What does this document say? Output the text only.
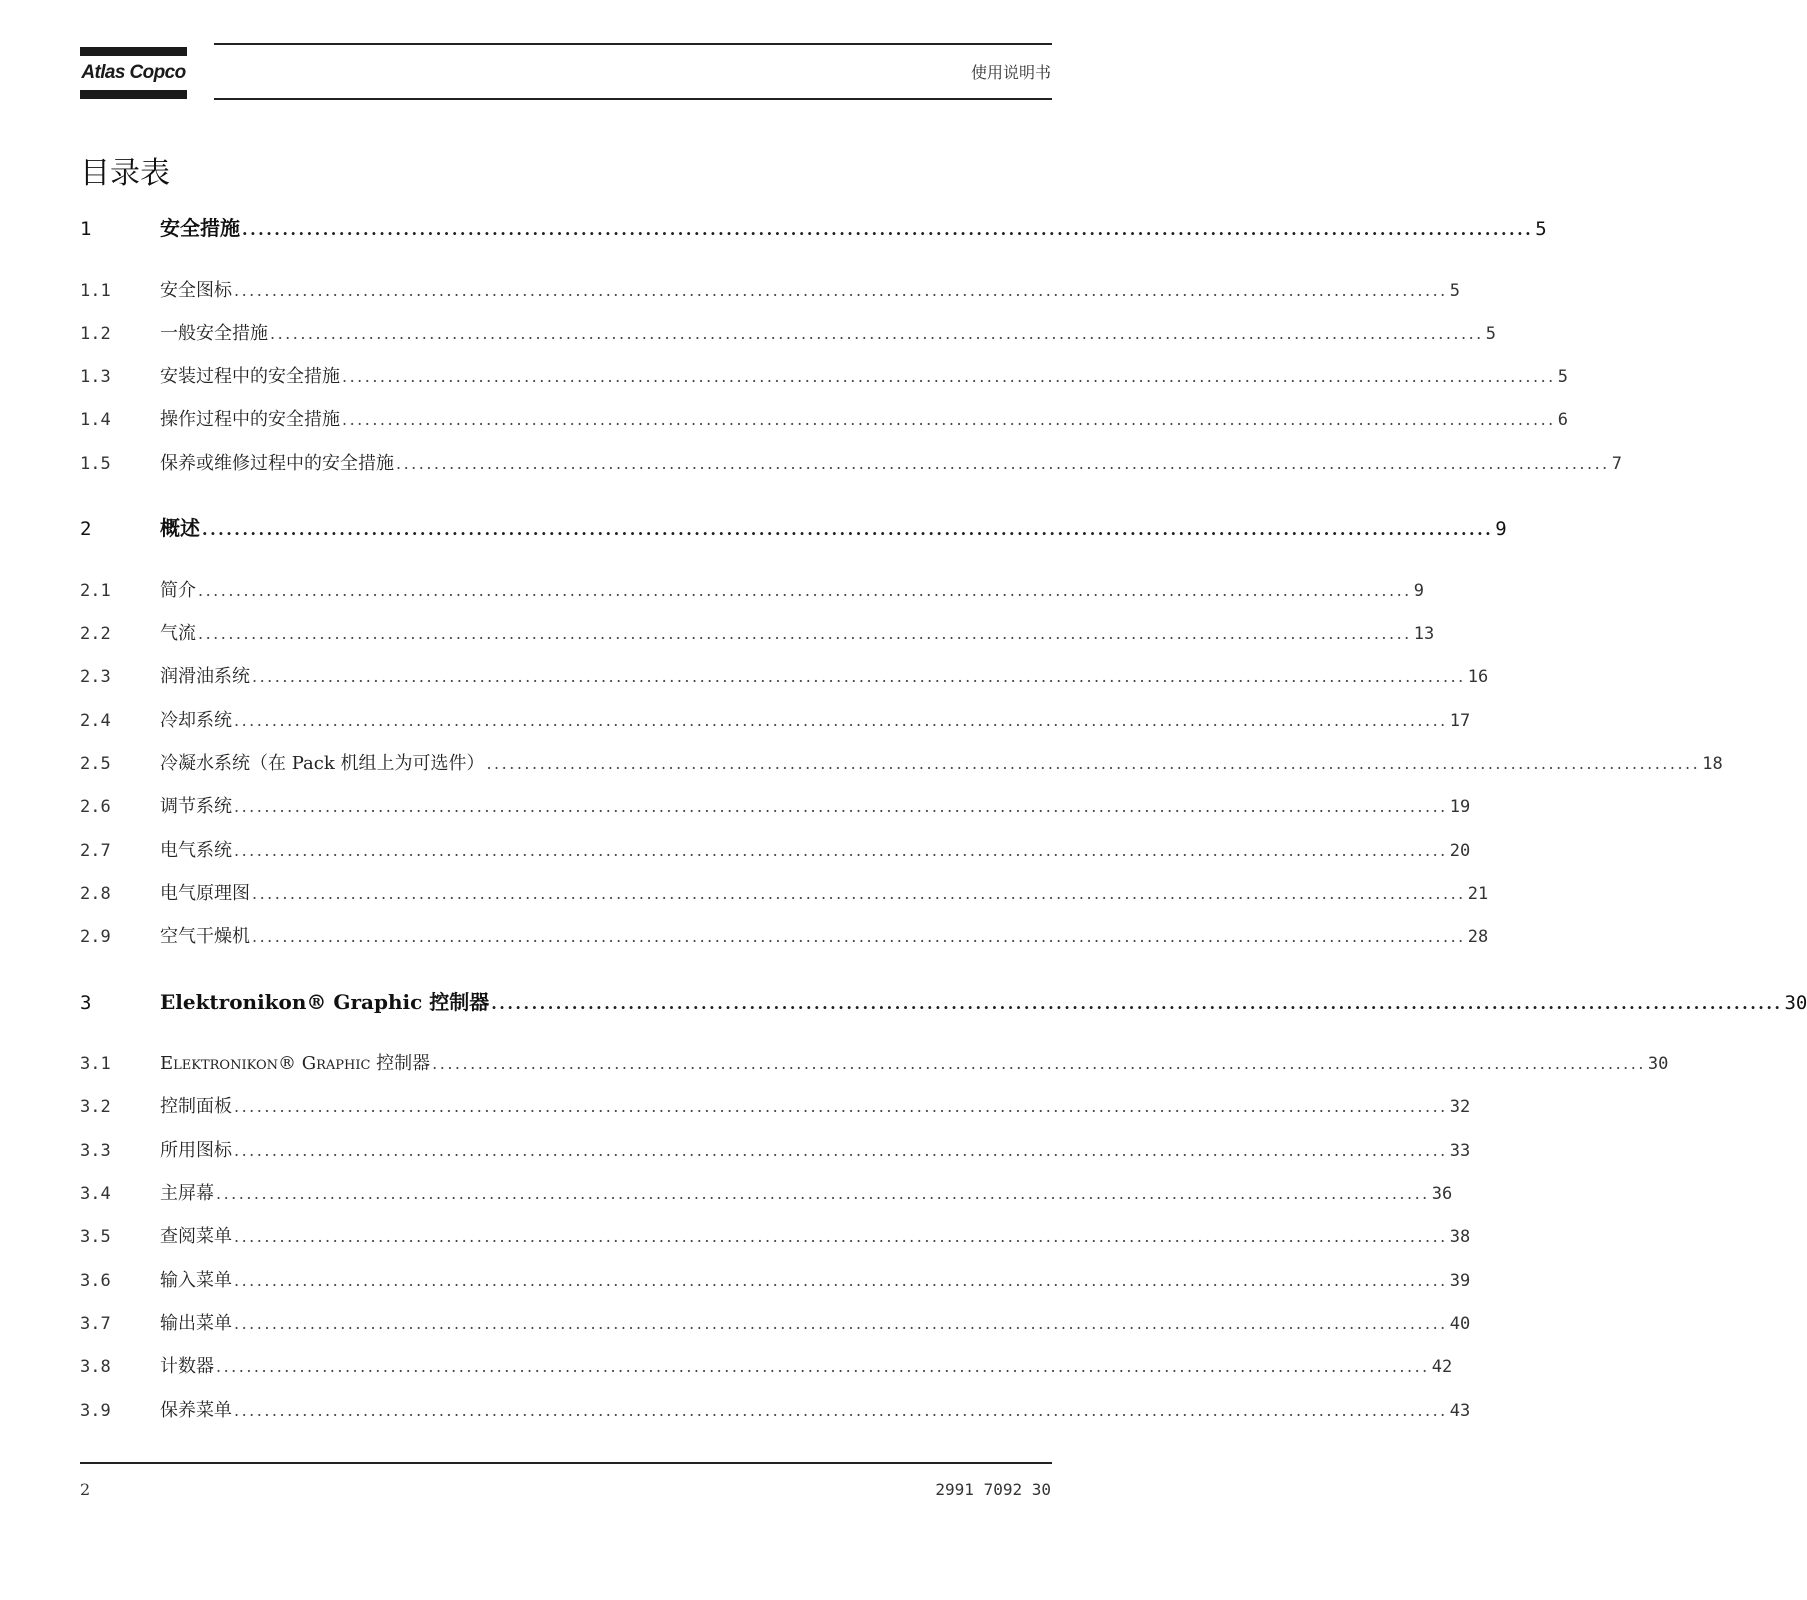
Atlas Copco	使用说明书
目录表
1	安全措施 ................................................................................................................................................................ 5
1.1	安全图标 ................................................................................................................................................................ 5
1.2	一般安全措施 ................................................................................................................................................................ 5
1.3	安装过程中的安全措施 ................................................................................................................................................................ 5
1.4	操作过程中的安全措施 ................................................................................................................................................................ 6
1.5	保养或维修过程中的安全措施 ................................................................................................................................................................ 7
2	概述 ................................................................................................................................................................ 9
2.1	简介 ................................................................................................................................................................ 9
2.2	气流 ................................................................................................................................................................ 13
2.3	润滑油系统 ................................................................................................................................................................ 16
2.4	冷却系统 ................................................................................................................................................................ 17
2.5	冷凝水系统（在 Pack 机组上为可选件） ................................................................................................................................................................ 18
2.6	调节系统 ................................................................................................................................................................ 19
2.7	电气系统 ................................................................................................................................................................ 20
2.8	电气原理图 ................................................................................................................................................................ 21
2.9	空气干燥机 ................................................................................................................................................................ 28
3	Elektronikon® Graphic 控制器 ................................................................................................................................................................ 30
3.1	Elektronikon® Graphic 控制器 ................................................................................................................................................................ 30
3.2	控制面板 ................................................................................................................................................................ 32
3.3	所用图标 ................................................................................................................................................................ 33
3.4	主屏幕 ................................................................................................................................................................ 36
3.5	查阅菜单 ................................................................................................................................................................ 38
3.6	输入菜单 ................................................................................................................................................................ 39
3.7	输出菜单 ................................................................................................................................................................ 40
3.8	计数器 ................................................................................................................................................................ 42
3.9	保养菜单 ................................................................................................................................................................ 43
2	2991 7092 30
